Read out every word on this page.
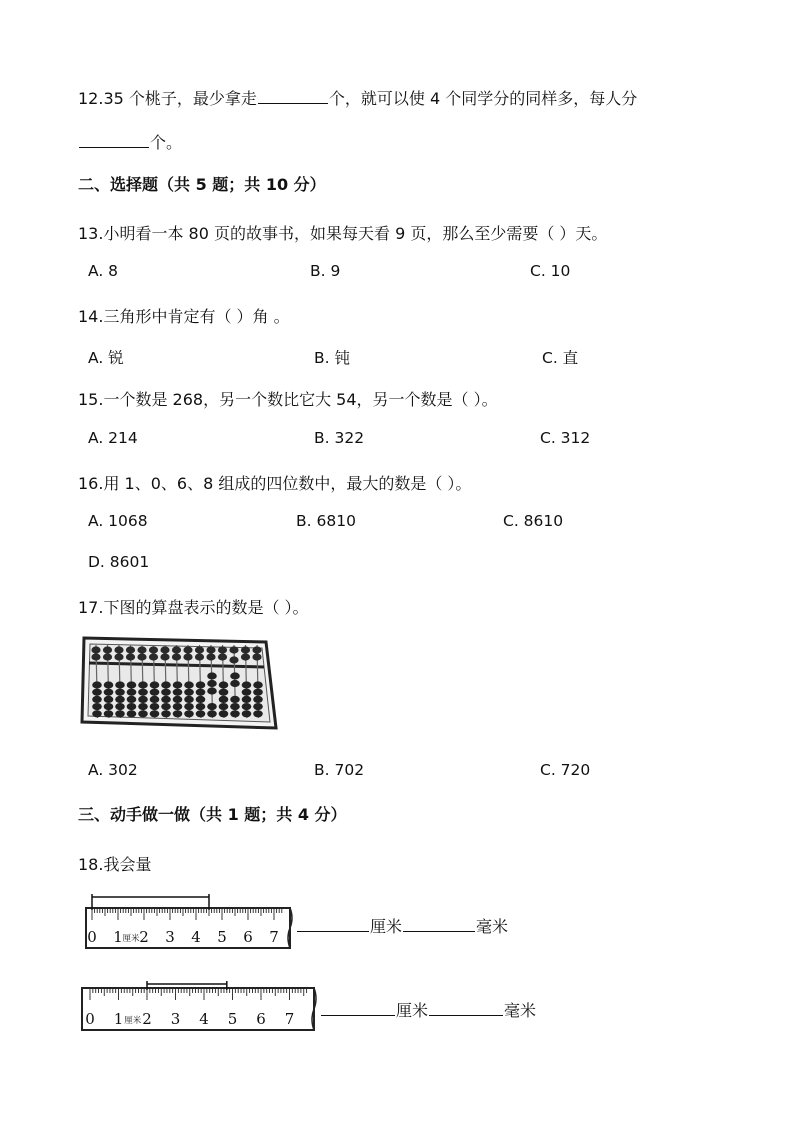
12.35 个桃子，最少拿走	个，就可以使 4 个同学分的同样多，每人分
个。
二、选择题（共 5 题；共 10 分）
13.小明看一本 80 页的故事书，如果每天看 9 页，那么至少需要（ ）天。
A. 8	B. 9	C. 10
14.三角形中肯定有（ ）角 。
A. 锐	B. 钝	C. 直
15.一个数是 268，另一个数比它大 54，另一个数是（ ）。
A. 214	B. 322	C. 312
16.用 1、0、6、8 组成的四位数中，最大的数是（ ）。
A. 1068	B. 6810	C. 8610
D. 8601
17.下图的算盘表示的数是（ ）。
A. 302	B. 702	C. 720
三、动手做一做（共 1 题；共 4 分）
18.我会量
0 1 2 3 4 5 6 7
厘米
厘米	毫米
0 1 2 3 4 5 6 7
厘米
厘米	毫米
